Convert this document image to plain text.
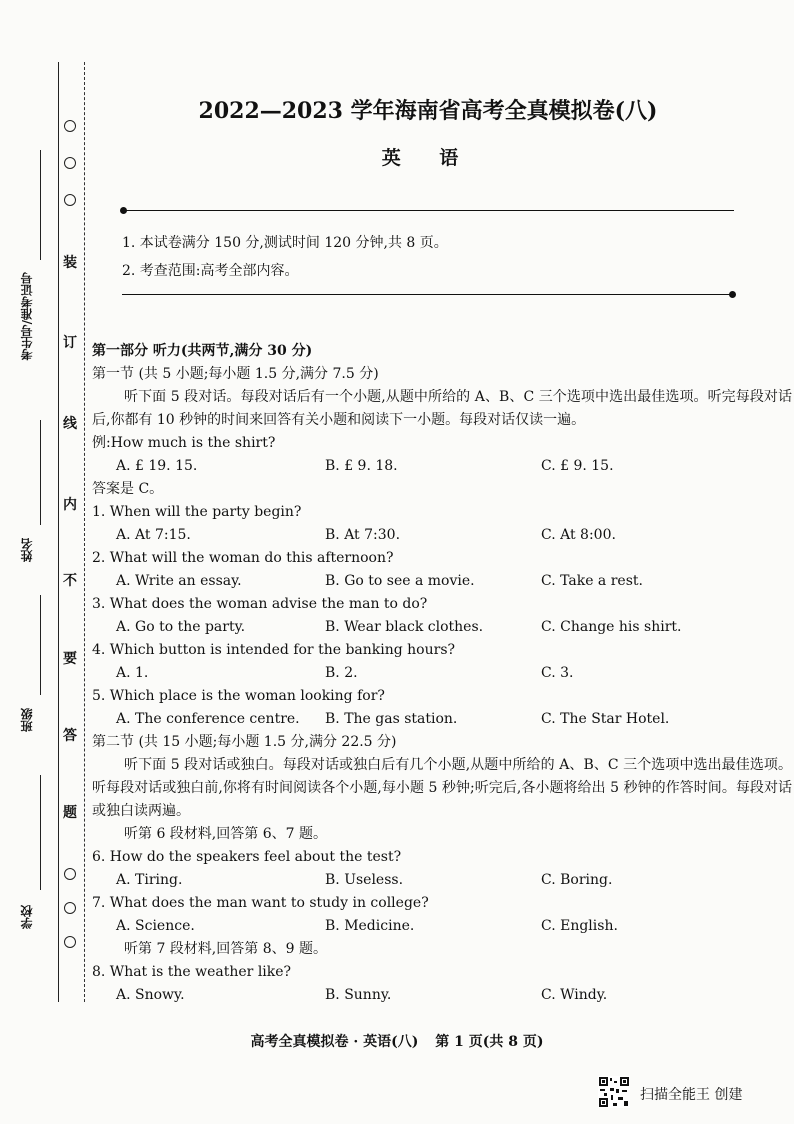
装
订
线
内
不
要
答
题
考生号/准考证号
姓名
班级
学校
2022—2023 学年海南省高考全真模拟卷(八)
英 语
1. 本试卷满分 150 分,测试时间 120 分钟,共 8 页。
2. 考查范围:高考全部内容。
第一部分 听力(共两节,满分 30 分)
第一节 (共 5 小题;每小题 1.5 分,满分 7.5 分)
听下面 5 段对话。每段对话后有一个小题,从题中所给的 A、B、C 三个选项中选出最佳选项。听完每段对话后,你都有 10 秒钟的时间来回答有关小题和阅读下一小题。每段对话仅读一遍。
例:How much is the shirt?
A. £ 19. 15.	B. £ 9. 18.	C. £ 9. 15.
答案是 C。
1. When will the party begin?
A. At 7:15.	B. At 7:30.	C. At 8:00.
2. What will the woman do this afternoon?
A. Write an essay.	B. Go to see a movie.	C. Take a rest.
3. What does the woman advise the man to do?
A. Go to the party.	B. Wear black clothes.	C. Change his shirt.
4. Which button is intended for the banking hours?
A. 1.	B. 2.	C. 3.
5. Which place is the woman looking for?
A. The conference centre. B. The gas station.	C. The Star Hotel.
第二节 (共 15 小题;每小题 1.5 分,满分 22.5 分)
听下面 5 段对话或独白。每段对话或独白后有几个小题,从题中所给的 A、B、C 三个选项中选出最佳选项。听每段对话或独白前,你将有时间阅读各个小题,每小题 5 秒钟;听完后,各小题将给出 5 秒钟的作答时间。每段对话或独白读两遍。
听第 6 段材料,回答第 6、7 题。
6. How do the speakers feel about the test?
A. Tiring.	B. Useless.	C. Boring.
7. What does the man want to study in college?
A. Science.	B. Medicine.	C. English.
听第 7 段材料,回答第 8、9 题。
8. What is the weather like?
A. Snowy.	B. Sunny.	C. Windy.
高考全真模拟卷 · 英语(八) 第 1 页(共 8 页)
扫描全能王 创建
